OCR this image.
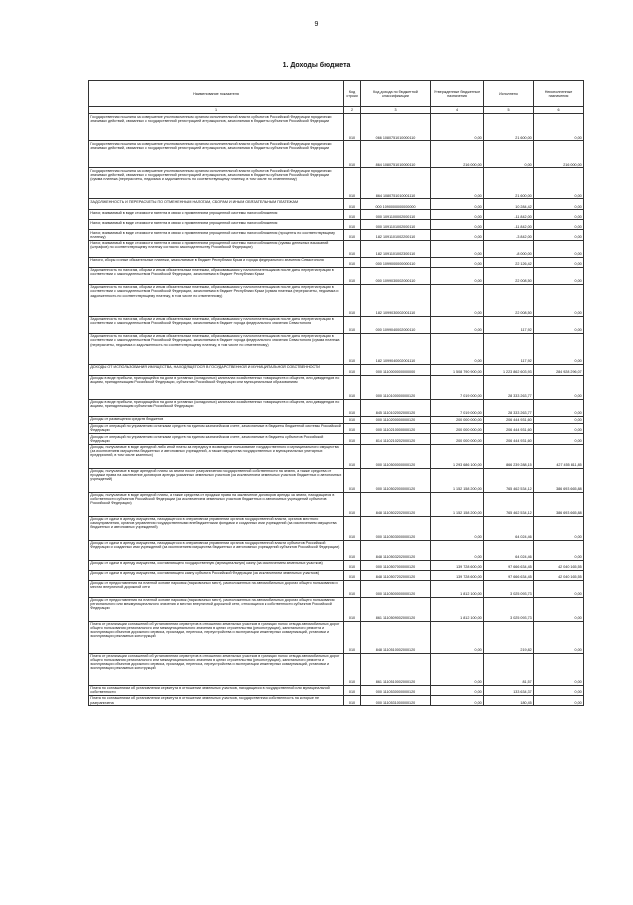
9
1. Доходы бюджета
Наименование показателя	Код строки	Код дохода по бюджетной классификации	Утвержденные бюджетные назначения	Исполнено	Неисполненные назначения
1	2	3	4	5	6
Государственная пошлина за совершение уполномоченным органом исполнительной власти субъектов Российской Федерации юридически значимых действий, связанных с государственной регистрацией аттракционов, зачисляемая в бюджеты субъектов Российской Федерации	010	066 1080751010000110	0,00	21 600,00	0,00
Государственная пошлина за совершение уполномоченным органом исполнительной власти субъектов Российской Федерации юридически значимых действий, связанных с государственной регистрацией аттракционов, зачисляемая в бюджеты субъектов Российской Федерации	010	864 1080751010000110	216 000,00	0,00	216 000,00
Государственная пошлина за совершение уполномоченным органом исполнительной власти субъектов Российской Федерации юридически значимых действий, связанных с государственной регистрацией аттракционов, зачисляемая в бюджеты субъектов Российской Федерации (сумма платежа (перерасчеты, недоимка и задолженность по соответствующему платежу, в том числе по отмененному)	010	864 1080751010001110	0,00	21 600,00	0,00
ЗАДОЛЖЕННОСТЬ И ПЕРЕРАСЧЕТЫ ПО ОТМЕНЕННЫМ НАЛОГАМ, СБОРАМ И ИНЫМ ОБЯЗАТЕЛЬНЫМ ПЛАТЕЖАМ	010	000 1090000000000000	0,00	10 284,42	0,00
Налог, взимаемый в виде стоимости патента в связи с применением упрощенной системы налогообложения	010	000 1091100002000110	0,00	-11 842,00	0,00
Налог, взимаемый в виде стоимости патента в связи с применением упрощенной системы налогообложения	010	000 1091101002000110	0,00	-11 842,00	0,00
Налог, взимаемый в виде стоимости патента в связи с применением упрощенной системы налогообложения (проценты по соответствующему платежу)	010	182 1091101002200110	0,00	-3 842,00	0,00
Налог, взимаемый в виде стоимости патента в связи с применением упрощенной системы налогообложения (суммы денежных взысканий (штрафов) по соответствующему платежу согласно законодательству Российской Федерации)	010	182 1091101002300110	0,00	-8 000,00	0,00
Налоги, сборы и иные обязательные платежи, зачисляемые в бюджет Республики Крым и города федерального значения Севастополя	010	000 1099000000000110	0,00	22 126,42	0,00
Задолженность по налогам, сборам и иным обязательным платежам, образовавшаяся у налогоплательщиков после даты перерегистрации в соответствии с законодательством Российской Федерации, зачисляемая в бюджет Республики Крым	010	000 1099030002000110	0,00	22 008,50	0,00
Задолженность по налогам, сборам и иным обязательным платежам, образовавшаяся у налогоплательщиков после даты перерегистрации в соответствии с законодательством Российской Федерации, зачисляемая в бюджет Республики Крым (сумма платежа (перерасчеты, недоимка и задолженность по соответствующему платежу, в том числе по отмененному)	010	182 1099030002001110	0,00	22 008,50	0,00
Задолженность по налогам, сборам и иным обязательным платежам, образовавшаяся у налогоплательщиков после даты перерегистрации в соответствии с законодательством Российской Федерации, зачисляемая в бюджет города федерального значения Севастополя	010	000 1099040002000110	0,00	117,92	0,00
Задолженность по налогам, сборам и иным обязательным платежам, образовавшаяся у налогоплательщиков после даты перерегистрации в соответствии с законодательством Российской Федерации, зачисляемая в бюджет города федерального значения Севастополя (сумма платежа (перерасчеты, недоимка и задолженность по соответствующему платежу, в том числе по отмененному)	010	182 1099040002001110	0,00	117,92	0,00
ДОХОДЫ ОТ ИСПОЛЬЗОВАНИЯ ИМУЩЕСТВА, НАХОДЯЩЕГОСЯ В ГОСУДАРСТВЕННОЙ И МУНИЦИПАЛЬНОЙ СОБСТВЕННОСТИ	010	000 1110000000000000	1 508 790 900,00	1 223 862 603,93	284 928 296,07
Доходы в виде прибыли, приходящейся на доли в уставных (складочных) капиталах хозяйственных товариществ и обществ, или дивидендов по акциям, принадлежащим Российской Федерации, субъектам Российской Федерации или муниципальным образованиям	010	000 1110100000000120	7 019 000,00	28 333 263,77	0,00
Доходы в виде прибыли, приходящейся на доли в уставных (складочных) капиталах хозяйственных товариществ и обществ, или дивидендов по акциям, принадлежащим субъектам Российской Федерации	010	845 1110102002000120	7 019 000,00	28 333 263,77	0,00
Доходы от размещения средств бюджетов	010	000 1110200000000120	200 000 000,00	206 444 931,60	0,00
Доходы от операций по управлению остатками средств на едином казначейском счете, зачисляемые в бюджеты бюджетной системы Российской Федерации	010	000 1110210000000120	200 000 000,00	206 444 931,60	0,00
Доходы от операций по управлению остатками средств на едином казначейском счете, зачисляемые в бюджеты субъектов Российской Федерации	010	814 1110210202000120	200 000 000,00	206 444 931,60	0,00
Доходы, получаемые в виде арендной либо иной платы за передачу в возмездное пользование государственного и муниципального имущества (за исключением имущества бюджетных и автономных учреждений, а также имущества государственных и муниципальных унитарных предприятий, в том числе казенных)	010	000 1110500000000120	1 293 686 100,00	866 239 288,15	427 455 811,85
Доходы, получаемые в виде арендной платы за земли после разграничения государственной собственности на землю, а также средства от продажи права на заключение договоров аренды указанных земельных участков (за исключением земельных участков бюджетных и автономных учреждений)	010	000 1110502000000120	1 152 158 200,00	765 462 534,12	386 693 665,88
Доходы, получаемые в виде арендной платы, а также средства от продажи права на заключение договоров аренды за земли, находящиеся в собственности субъектов Российской Федерации (за исключением земельных участков бюджетных и автономных учреждений субъектов Российской Федерации)	010	848 1110502202000120	1 152 158 200,00	765 462 534,12	386 693 665,88
Доходы от сдачи в аренду имущества, находящегося в оперативном управлении органов государственной власти, органов местного самоуправления, органов управления государственными внебюджетными фондами и созданных ими учреждений (за исключением имущества бюджетных и автономных учреждений)	010	000 1110503000000120	0,00	64 024,46	0,00
Доходы от сдачи в аренду имущества, находящегося в оперативном управлении органов государственной власти субъектов Российской Федерации и созданных ими учреждений (за исключением имущества бюджетных и автономных учреждений субъектов Российской Федерации)	010	848 1110503202000120	0,00	64 024,46	0,00
Доходы от сдачи в аренду имущества, составляющего государственную (муниципальную) казну (за исключением земельных участков)	010	000 1110507000000120	139 728 600,00	97 666 634,45	42 040 165,55
Доходы от сдачи в аренду имущества, составляющего казну субъекта Российской Федерации (за исключением земельных участков)	010	848 1110507202000120	139 728 600,00	97 666 634,45	42 040 165,55
Доходы от предоставления на платной основе парковок (парковочных мест), расположенных на автомобильных дорогах общего пользования и местах внеуличной дорожной сети	010	000 1110500000000120	1 812 100,00	3 025 093,73	0,00
Доходы от предоставления на платной основе парковок (парковочных мест), расположенных на автомобильных дорогах общего пользования регионального или межмуниципального значения и местах внеуличной дорожной сети, относящихся к собственности субъектов Российской Федерации	010	861 1110509002000120	1 812 100,00	3 025 093,73	0,00
Плата от реализации соглашений об установлении сервитутов в отношении земельных участков в границах полос отвода автомобильных дорог общего пользования регионального или межмуниципального значения в целях строительства (реконструкции), капитального ремонта и эксплуатации объектов дорожного сервиса, прокладки, переноса, переустройства и эксплуатации инженерных коммуникаций, установки и эксплуатации рекламных конструкций	010	848 1110510002000120	0,00	219,82	0,00
Плата от реализации соглашений об установлении сервитутов в отношении земельных участков в границах полос отвода автомобильных дорог общего пользования регионального или межмуниципального значения в целях строительства (реконструкции), капитального ремонта и эксплуатации объектов дорожного сервиса, прокладки, переноса, переустройства и эксплуатации инженерных коммуникаций, установки и эксплуатации рекламных конструкций	010	861 1110510002000120	0,00	81,57	0,00
Плата по соглашениям об установлении сервитута в отношении земельных участков, находящихся в государственной или муниципальной собственности	010	000 1110530000000120	0,00	133 634,37	0,00
Плата по соглашениям об установлении сервитута в отношении земельных участков, государственная собственность на которые не разграничена	010	000 1110531000000120	0,00	180,45	0,00
